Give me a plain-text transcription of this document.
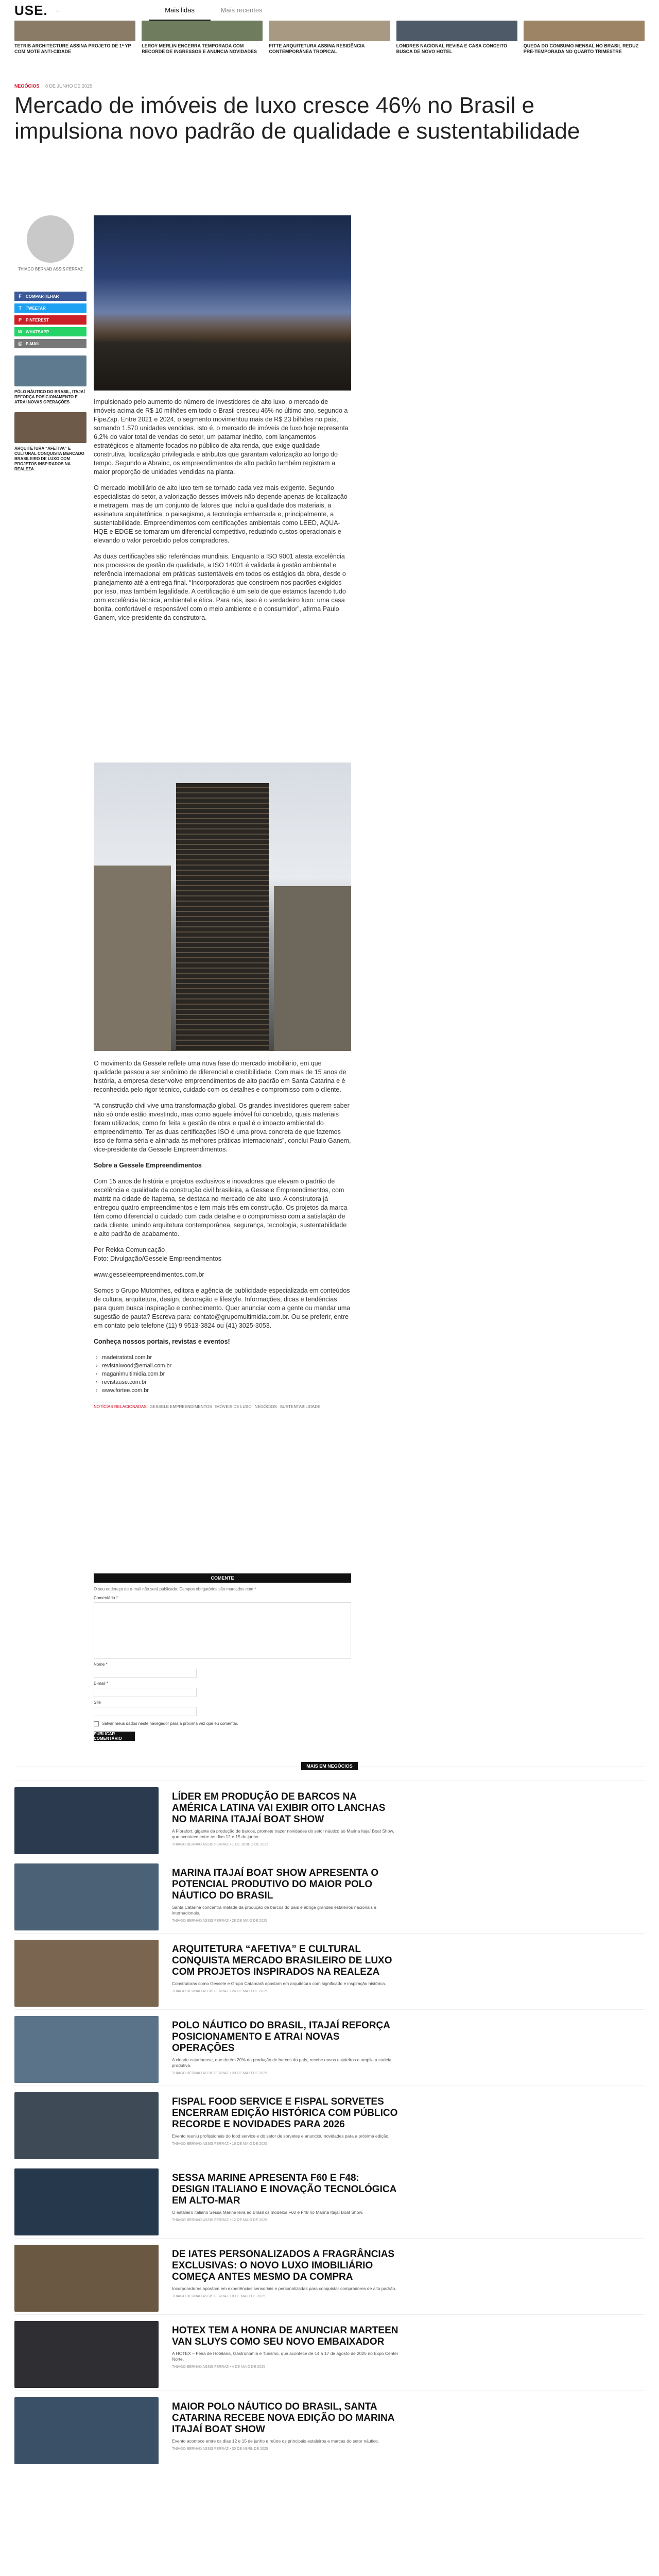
USE. ≡	Mais lidas	Mais recentes
TETRIS ARCHITECTURE ASSINA PROJETO DE 1ª YP COM MOTE ANTI-CIDADE
LEROY MERLIN ENCERRA TEMPORADA COM RECORDE DE INGRESSOS E ANUNCIA NOVIDADES
FITTE ARQUITETURA ASSINA RESIDÊNCIA CONTEMPORÂNEA TROPICAL
LONDRES NACIONAL REVISA E CASA CONCEITO BUSCA DE NOVO HOTEL
QUEDA DO CONSUMO MENSAL NO BRASIL REDUZ PRE-TEMPORADA NO QUARTO TRIMESTRE
NEGÓCIOS 8 DE JUNHO DE 2025
Mercado de imóveis de luxo cresce 46% no Brasil e impulsiona novo padrão de qualidade e sustentabilidade
THIAGO BERNAD ASSIS FERRAZ
F COMPARTILHAR
T TWEETAR
P PINTEREST
W WHATSAPP
@ E-MAIL
PÓLO NÁUTICO DO BRASIL, ITAJAÍ REFORÇA POSICIONAMENTO E ATRAI NOVAS OPERAÇÕES
ARQUITETURA “AFETIVA” E CULTURAL CONQUISTA MERCADO BRASILEIRO DE LUXO COM PROJETOS INSPIRADOS NA REALEZA

Impulsionado pelo aumento do número de investidores de alto luxo, o mercado de imóveis acima de R$ 10 milhões em todo o Brasil cresceu 46% no último ano, segundo a FipeZap. Entre 2021 e 2024, o segmento movimentou mais de R$ 23 bilhões no país, somando 1.570 unidades vendidas. Isto é, o mercado de imóveis de luxo hoje representa 6,2% do valor total de vendas do setor, um patamar inédito, com lançamentos estratégicos e altamente focados no público de alta renda, que exige qualidade construtiva, localização privilegiada e atributos que garantam valorização ao longo do tempo. Segundo a Abrainc, os empreendimentos de alto padrão também registram a maior proporção de unidades vendidas na planta.

O mercado imobiliário de alto luxo tem se tornado cada vez mais exigente. Segundo especialistas do setor, a valorização desses imóveis não depende apenas de localização e metragem, mas de um conjunto de fatores que inclui a qualidade dos materiais, a assinatura arquitetônica, o paisagismo, a tecnologia embarcada e, principalmente, a sustentabilidade. Empreendimentos com certificações ambientais como LEED, AQUA-HQE e EDGE se tornaram um diferencial competitivo, reduzindo custos operacionais e elevando o valor percebido pelos compradores.

As duas certificações são referências mundiais. Enquanto a ISO 9001 atesta excelência nos processos de gestão da qualidade, a ISO 14001 é validada à gestão ambiental e referência internacional em práticas sustentáveis em todos os estágios da obra, desde o planejamento até a entrega final. “Incorporadoras que constroem nos padrões exigidos por isso, mas também legalidade. A certificação é um selo de que estamos fazendo tudo com excelência técnica, ambiental e ética. Para nós, isso é o verdadeiro luxo: uma casa bonita, confortável e responsável com o meio ambiente e o consumidor”, afirma Paulo Ganem, vice-presidente da construtora.

O movimento da Gessele reflete uma nova fase do mercado imobiliário, em que qualidade passou a ser sinônimo de diferencial e credibilidade. Com mais de 15 anos de história, a empresa desenvolve empreendimentos de alto padrão em Santa Catarina e é reconhecida pelo rigor técnico, cuidado com os detalhes e compromisso com o cliente.

“A construção civil vive uma transformação global. Os grandes investidores querem saber não só onde estão investindo, mas como aquele imóvel foi concebido, quais materiais foram utilizados, como foi feita a gestão da obra e qual é o impacto ambiental do empreendimento. Ter as duas certificações ISO é uma prova concreta de que fazemos isso de forma séria e alinhada às melhores práticas internacionais”, conclui Paulo Ganem, vice-presidente da Gessele Empreendimentos.

Sobre a Gessele Empreendimentos

Com 15 anos de história e projetos exclusivos e inovadores que elevam o padrão de excelência e qualidade da construção civil brasileira, a Gessele Empreendimentos, com matriz na cidade de Itapema, se destaca no mercado de alto luxo. A construtora já entregou quatro empreendimentos e tem mais três em construção. Os projetos da marca têm como diferencial o cuidado com cada detalhe e o compromisso com a satisfação de cada cliente, unindo arquitetura contemporânea, segurança, tecnologia, sustentabilidade e alto padrão de acabamento.

Por Rekka Comunicação
Foto: Divulgação/Gessele Empreendimentos

www.gesseleempreendimentos.com.br

Somos o Grupo Mutomhes, editora e agência de publicidade especializada em conteúdos de cultura, arquitetura, design, decoração e lifestyle. Informações, dicas e tendências para quem busca inspiração e conhecimento. Quer anunciar com a gente ou mandar uma sugestão de pauta? Escreva para: contato@grupomultimidia.com.br. Ou se preferir, entre em contato pelo telefone (11) 9 9513-3824 ou (41) 3025-3053.

Conheça nossos portais, revistas e eventos!

› madeiratotal.com.br
› revistaiwood@email.com.br
› maganimultimidia.com.br
› revistause.com.br
› www.fortee.com.br
NOTÍCIAS RELACIONADAS GESSELE EMPREENDIMENTOS IMÓVEIS DE LUXO NEGÓCIOS SUSTENTABILIDADE
COMENTE
O seu endereço de e-mail não será publicado. Campos obrigatórios são marcados com *
Comentário *
Nome *
E-mail *
Site
Salvar meus dados neste navegador para a próxima vez que eu comentar.
PUBLICAR COMENTÁRIO
MAIS EM NEGÓCIOS
LÍDER EM PRODUÇÃO DE BARCOS NA AMÉRICA LATINA VAI EXIBIR OITO LANCHAS NO MARINA ITAJAÍ BOAT SHOW
A Fibrafort, gigante da produção de barcos, promete trazer novidades do setor náutico ao Marina Itajaí Boat Show, que acontece entre os dias 12 e 15 de junho.
THIAGO BERNAD ASSIS FERRAZ • 1 DE JUNHO DE 2025
MARINA ITAJAÍ BOAT SHOW APRESENTA O POTENCIAL PRODUTIVO DO MAIOR POLO NÁUTICO DO BRASIL
Santa Catarina concentra metade da produção de barcos do país e abriga grandes estaleiros nacionais e internacionais.
THIAGO BERNAD ASSIS FERRAZ • 28 DE MAIO DE 2025
ARQUITETURA “AFETIVA” E CULTURAL CONQUISTA MERCADO BRASILEIRO DE LUXO COM PROJETOS INSPIRADOS NA REALEZA
Construtoras como Gessele e Grupo Catamarã apostam em arquitetura com significado e inspiração histórica.
THIAGO BERNAD ASSIS FERRAZ • 24 DE MAIO DE 2025
POLO NÁUTICO DO BRASIL, ITAJAÍ REFORÇA POSICIONAMENTO E ATRAI NOVAS OPERAÇÕES
A cidade catarinense, que detém 20% da produção de barcos do país, recebe novos estaleiros e amplia a cadeia produtiva.
THIAGO BERNAD ASSIS FERRAZ • 20 DE MAIO DE 2025
FISPAL FOOD SERVICE E FISPAL SORVETES ENCERRAM EDIÇÃO HISTÓRICA COM PÚBLICO RECORDE E NOVIDADES PARA 2026
Evento reuniu profissionais do food service e do setor de sorvetes e anunciou novidades para a próxima edição.
THIAGO BERNAD ASSIS FERRAZ • 16 DE MAIO DE 2025
SESSA MARINE APRESENTA F60 E F48: DESIGN ITALIANO E INOVAÇÃO TECNOLÓGICA EM ALTO-MAR
O estaleiro italiano Sessa Marine leva ao Brasil os modelos F60 e F48 no Marina Itajaí Boat Show.
THIAGO BERNAD ASSIS FERRAZ • 12 DE MAIO DE 2025
DE IATES PERSONALIZADOS A FRAGRÂNCIAS EXCLUSIVAS: O NOVO LUXO IMOBILIÁRIO COMEÇA ANTES MESMO DA COMPRA
Incorporadoras apostam em experiências sensoriais e personalizadas para conquistar compradores de alto padrão.
THIAGO BERNAD ASSIS FERRAZ • 8 DE MAIO DE 2025
HOTEX TEM A HONRA DE ANUNCIAR MARTEEN VAN SLUYS COMO SEU NOVO EMBAIXADOR
A HOTEX – Feira de Hotelaria, Gastronomia e Turismo, que acontece de 14 a 17 de agosto de 2025 no Expo Center Norte.
THIAGO BERNAD ASSIS FERRAZ • 4 DE MAIO DE 2025
MAIOR POLO NÁUTICO DO BRASIL, SANTA CATARINA RECEBE NOVA EDIÇÃO DO MARINA ITAJAÍ BOAT SHOW
Evento acontece entre os dias 12 e 15 de junho e reúne os principais estaleiros e marcas do setor náutico.
THIAGO BERNAD ASSIS FERRAZ • 30 DE ABRIL DE 2025
